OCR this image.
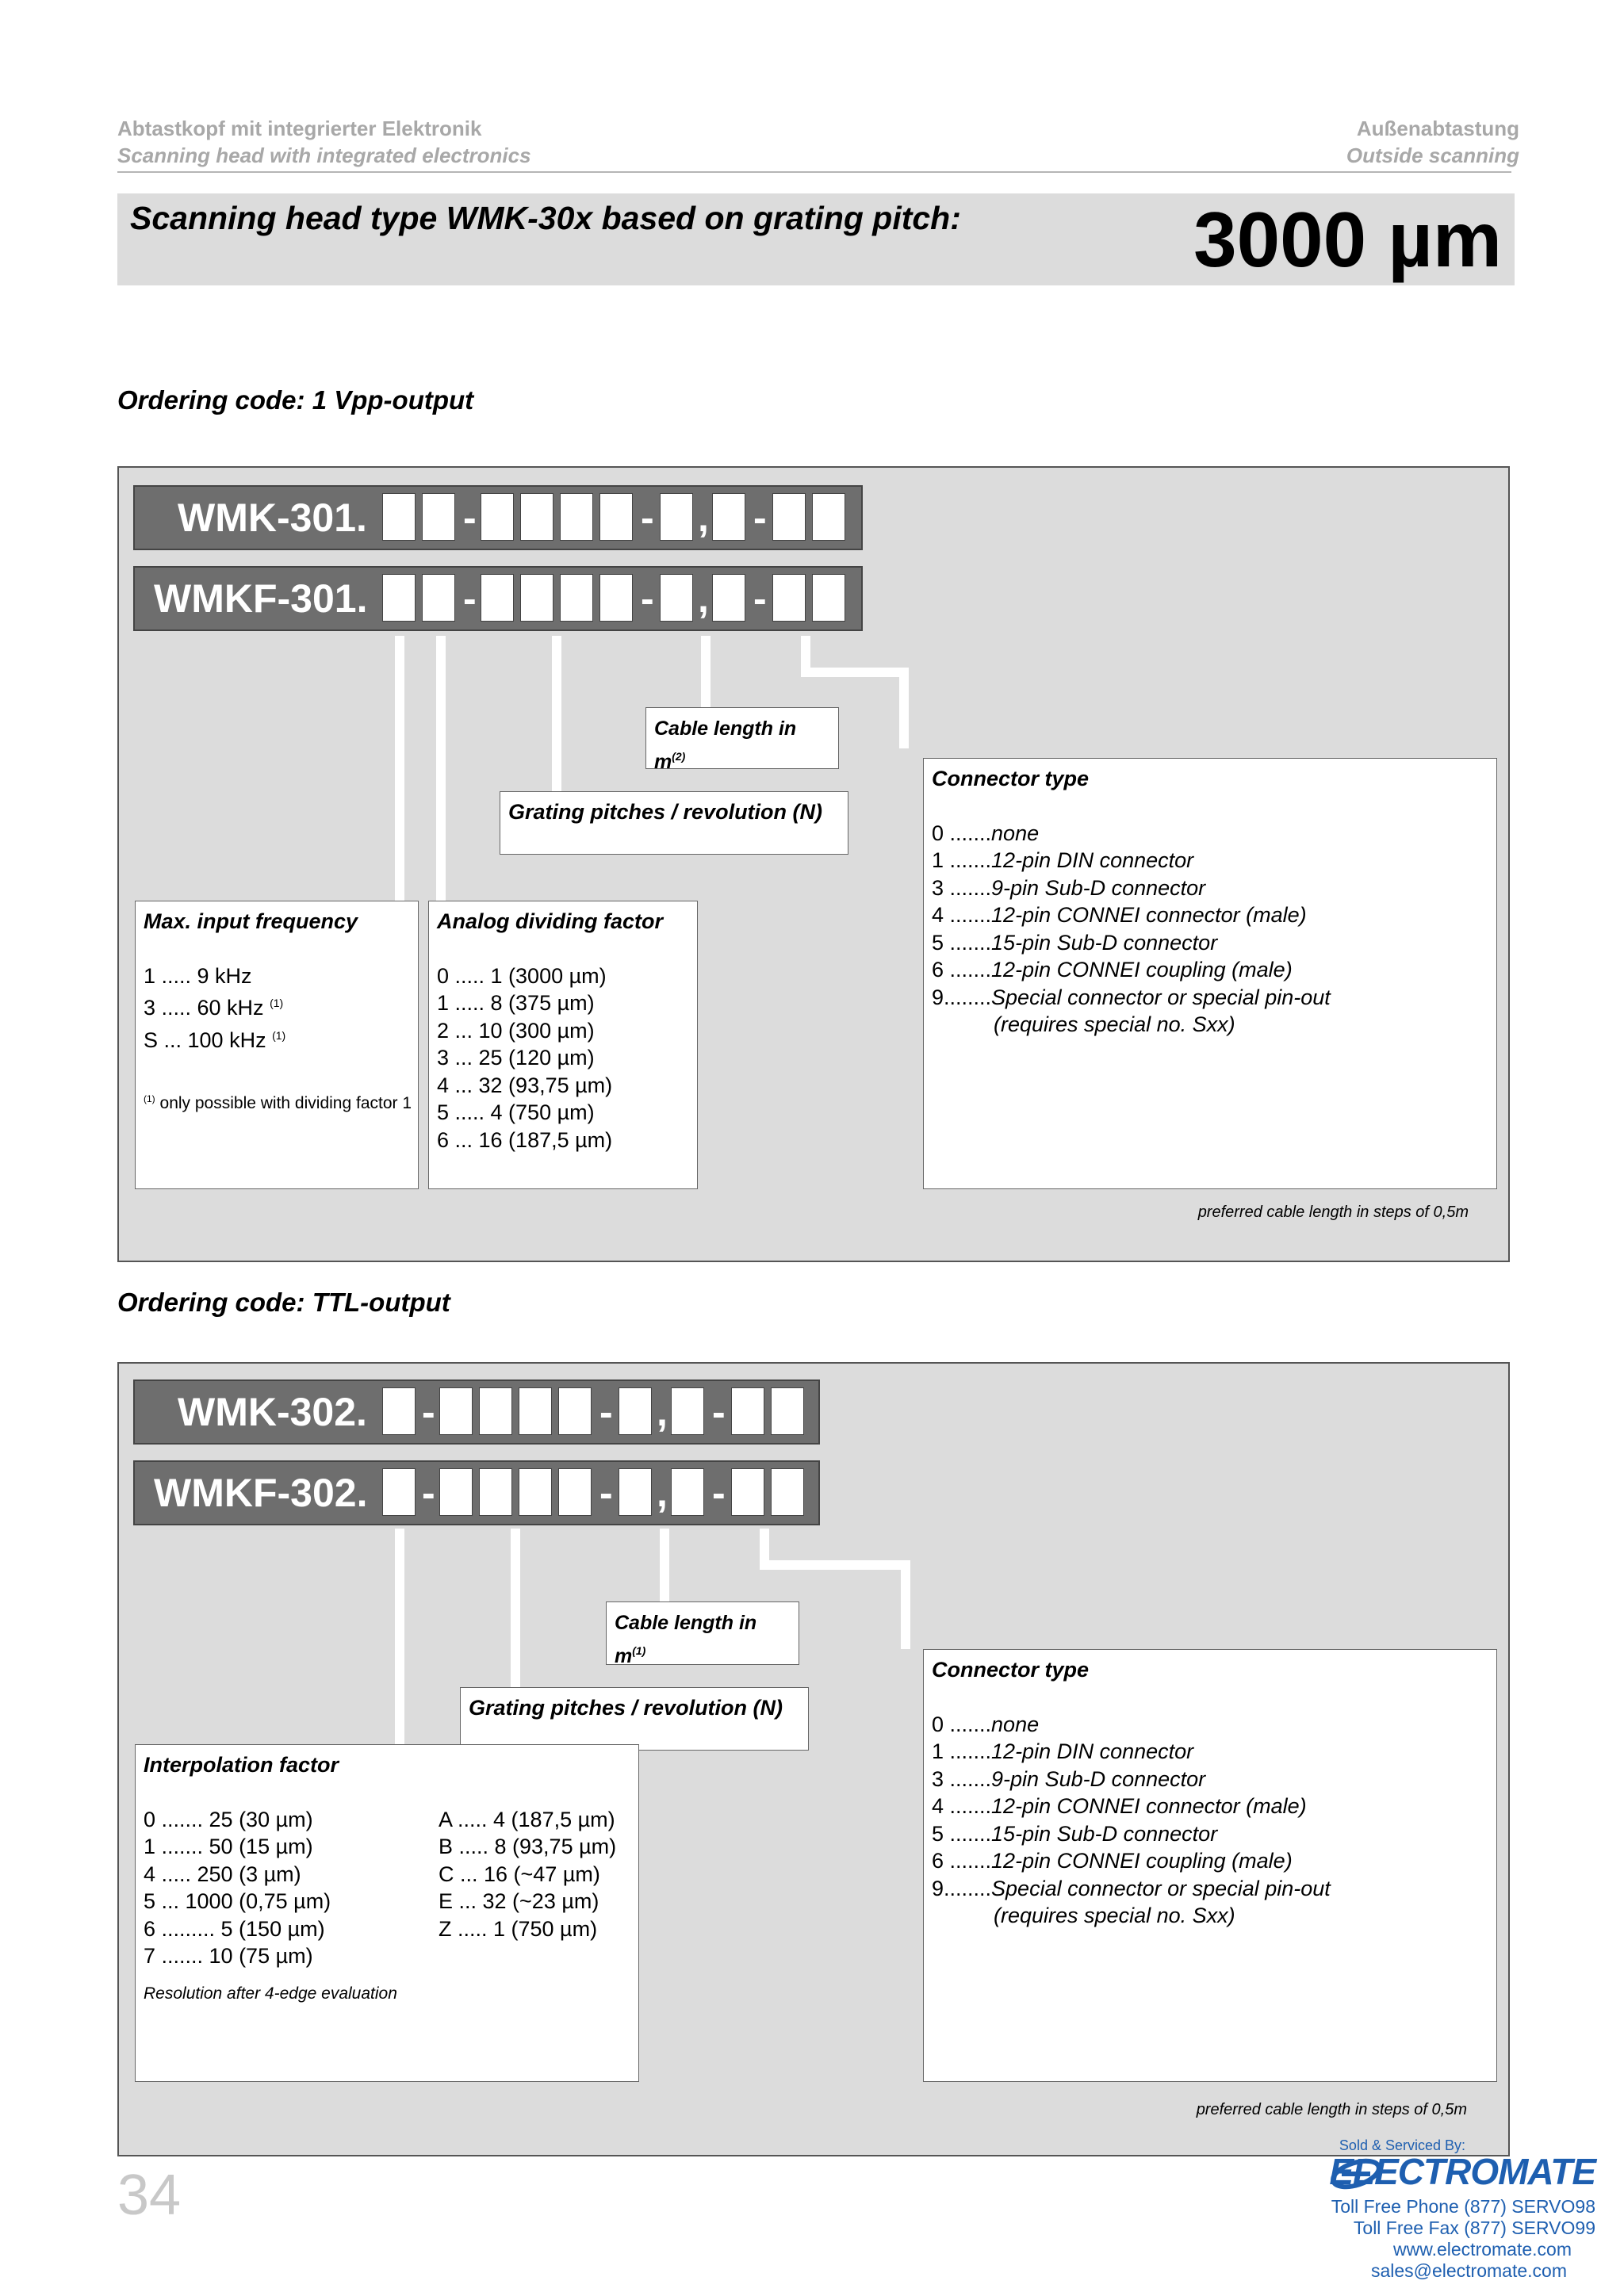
Abtastkopf mit integrierter Elektronik
Scanning head with integrated electronics
Außenabtastung
Outside scanning
Scanning head type WMK-30x based on grating pitch:	3000 µm
Ordering code: 1 Vpp-output
WMK-301. -	- , -
WMKF-301. -	- , -
Cable length in $m^{(2)}$
Grating pitches / revolution (N)
Max. input frequency
1 ..... 9 kHz
3 ..... 60 kHz $^{(1)}$
S ... 100 kHz $^{(1)}$
$^{(1)}$ only possible with dividing factor 1
Analog dividing factor
0 ..... 1 (3000 µm)
1 ..... 8 (375 µm)
2 ... 10 (300 µm)
3 ... 25 (120 µm)
4 ... 32 (93,75 µm)
5 ..... 4 (750 µm)
6 ... 16 (187,5 µm)
Connector type
0 .......none
1 .......12-pin DIN connector
3 .......9-pin Sub-D connector
4 .......12-pin CONNEI connector (male)
5 .......15-pin Sub-D connector
6 .......12-pin CONNEI coupling (male)
9........Special connector or special pin-out
(requires special no. Sxx)
preferred cable length in steps of 0,5m
Ordering code: TTL-output
WMK-302. -	- , -
WMKF-302. -	- , -
Cable length in $m^{(1)}$
Grating pitches / revolution (N)
Interpolation factor
0 ....... 25 (30 µm)
1 ....... 50 (15 µm)
4 ..... 250 (3 µm)
5 ... 1000 (0,75 µm)
6 ......... 5 (150 µm)
7 ....... 10 (75 µm)
A ..... 4 (187,5 µm)
B ..... 8 (93,75 µm)
C ... 16 (~47 µm)
E ... 32 (~23 µm)
Z ..... 1 (750 µm)
Resolution after 4-edge evaluation
Connector type
0 .......none
1 .......12-pin DIN connector
3 .......9-pin Sub-D connector
4 .......12-pin CONNEI connector (male)
5 .......15-pin Sub-D connector
6 .......12-pin CONNEI coupling (male)
9........Special connector or special pin-out
(requires special no. Sxx)
preferred cable length in steps of 0,5m
34
Sold & Serviced By:
ELECTROMATE
Toll Free Phone (877) SERVO98
Toll Free Fax (877) SERVO99
www.electromate.com
sales@electromate.com
